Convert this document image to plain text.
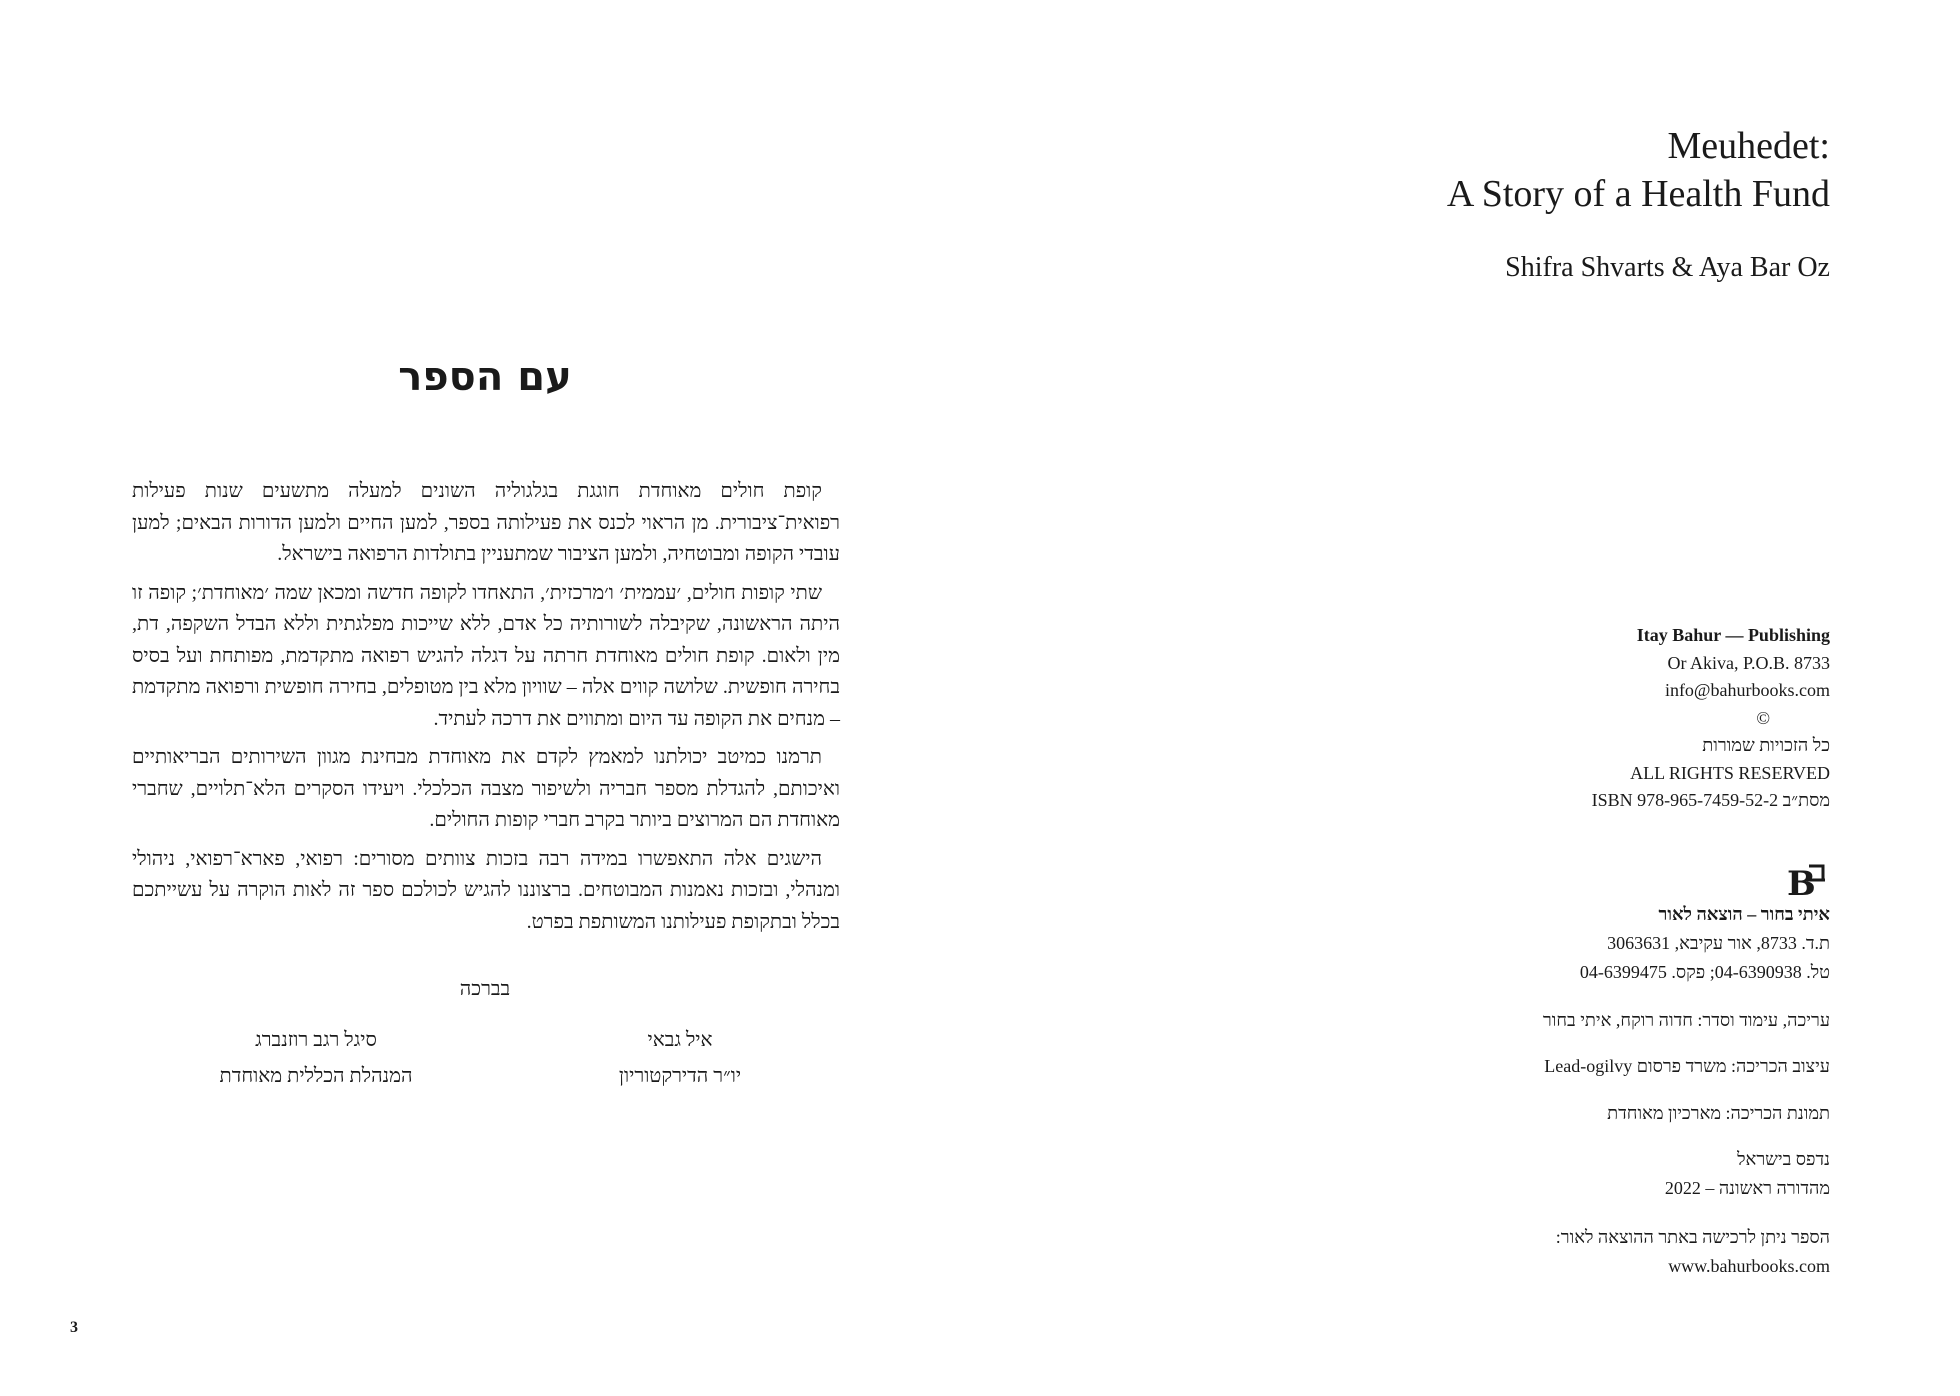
עם הספר

קופת חולים מאוחדת חוגגת בגלגוליה השונים למעלה מתשעים שנות פעילות רפואית־ציבורית. מן הראוי לכנס את פעילותה בספר, למען החיים ולמען הדורות הבאים; למען עובדי הקופה ומבוטחיה, ולמען הציבור שמתעניין בתולדות הרפואה בישראל.

שתי קופות חולים, ׳עממית׳ ו׳מרכזית׳, התאחדו לקופה חדשה ומכאן שמה ׳מאוחדת׳; קופה זו היתה הראשונה, שקיבלה לשורותיה כל אדם, ללא שייכות מפלגתית וללא הבדל השקפה, דת, מין ולאום. קופת חולים מאוחדת חרתה על דגלה להגיש רפואה מתקדמת, מפותחת ועל בסיס בחירה חופשית. שלושה קווים אלה – שוויון מלא בין מטופלים, בחירה חופשית ורפואה מתקדמת – מנחים את הקופה עד היום ומתווים את דרכה לעתיד.

תרמנו כמיטב יכולתנו למאמץ לקדם את מאוחדת מבחינת מגוון השירותים הבריאותיים ואיכותם, להגדלת מספר חבריה ולשיפור מצבה הכלכלי. ויעידו הסקרים הלא־תלויים, שחברי מאוחדת הם המרוצים ביותר בקרב חברי קופות החולים.

הישגים אלה התאפשרו במידה רבה בזכות צוותים מסורים: רפואי, פארא־רפואי, ניהולי ומנהלי, ובזכות נאמנות המבוטחים. ברצוננו להגיש לכולכם ספר זה לאות הוקרה על עשייתכם בכלל ובתקופת פעילותנו המשותפת בפרט.

בברכה
איל גבאי
יו״ר הדירקטוריון
סיגל רגב רוזנברג
המנהלת הכללית מאוחדת
3
Meuhedet:
A Story of a Health Fund
Shifra Shvarts & Aya Bar Oz
Itay Bahur — Publishing
Or Akiva, P.O.B. 8733
info@bahurbooks.com
©
כל הזכויות שמורות
ALL RIGHTS RESERVED
ISBN 978-965-7459-52-2 מסת״ב
B
איתי בחור – הוצאה לאור
ת.ד. 8733, אור עקיבא, 3063631
טל. 04-6390938; פקס. 04-6399475
עריכה, עימוד וסדר: חדוה רוקח, איתי בחור
עיצוב הכריכה: משרד פרסום Lead-ogilvy
תמונת הכריכה: מארכיון מאוחדת
נדפס בישראל
מהדורה ראשונה – 2022
הספר ניתן לרכישה באתר ההוצאה לאור:
www.bahurbooks.com
